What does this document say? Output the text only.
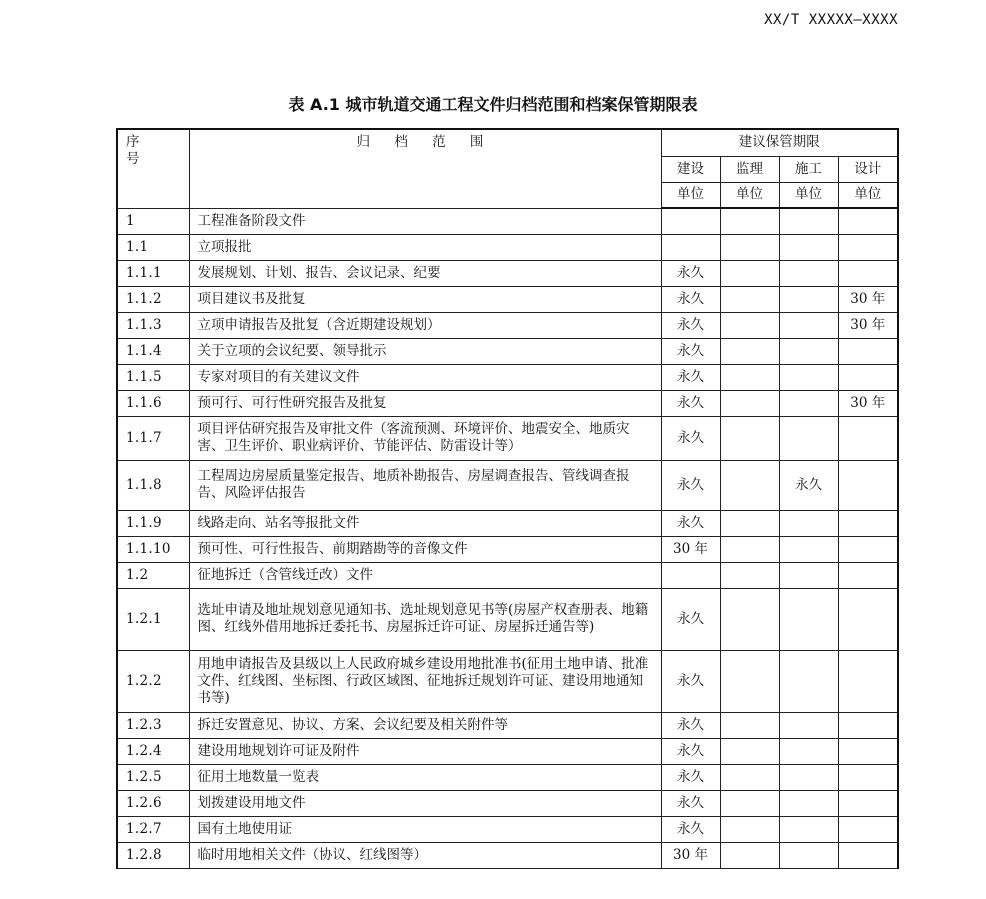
XX/T XXXXX—XXXX
表 A.1 城市轨道交通工程文件归档范围和档案保管期限表
序 号	归 档 范 围	建议保管期限			
		建设	监理	施工	设计
		单位	单位	单位	单位
1	工程准备阶段文件				
1.1	立项报批				
1.1.1	发展规划、计划、报告、会议记录、纪要	永久			
1.1.2	项目建议书及批复	永久			30 年
1.1.3	立项申请报告及批复（含近期建设规划）	永久			30 年
1.1.4	关于立项的会议纪要、领导批示	永久			
1.1.5	专家对项目的有关建议文件	永久			
1.1.6	预可行、可行性研究报告及批复	永久			30 年
1.1.7	项目评估研究报告及审批文件（客流预测、环境评价、地震安全、地质灾害、卫生评价、职业病评价、节能评估、防雷设计等）	永久			
1.1.8	工程周边房屋质量鉴定报告、地质补勘报告、房屋调查报告、管线调查报告、风险评估报告	永久		永久	
1.1.9	线路走向、站名等报批文件	永久			
1.1.10	预可性、可行性报告、前期踏勘等的音像文件	30 年			
1.2	征地拆迁（含管线迁改）文件				
1.2.1	选址申请及地址规划意见通知书、选址规划意见书等(房屋产权查册表、地籍图、红线外借用地拆迁委托书、房屋拆迁许可证、房屋拆迁通告等)	永久			
1.2.2	用地申请报告及县级以上人民政府城乡建设用地批准书(征用土地申请、批准文件、红线图、坐标图、行政区域图、征地拆迁规划许可证、建设用地通知书等)	永久			
1.2.3	拆迁安置意见、协议、方案、会议纪要及相关附件等	永久			
1.2.4	建设用地规划许可证及附件	永久			
1.2.5	征用土地数量一览表	永久			
1.2.6	划拨建设用地文件	永久			
1.2.7	国有土地使用证	永久			
1.2.8	临时用地相关文件（协议、红线图等）	30 年			
